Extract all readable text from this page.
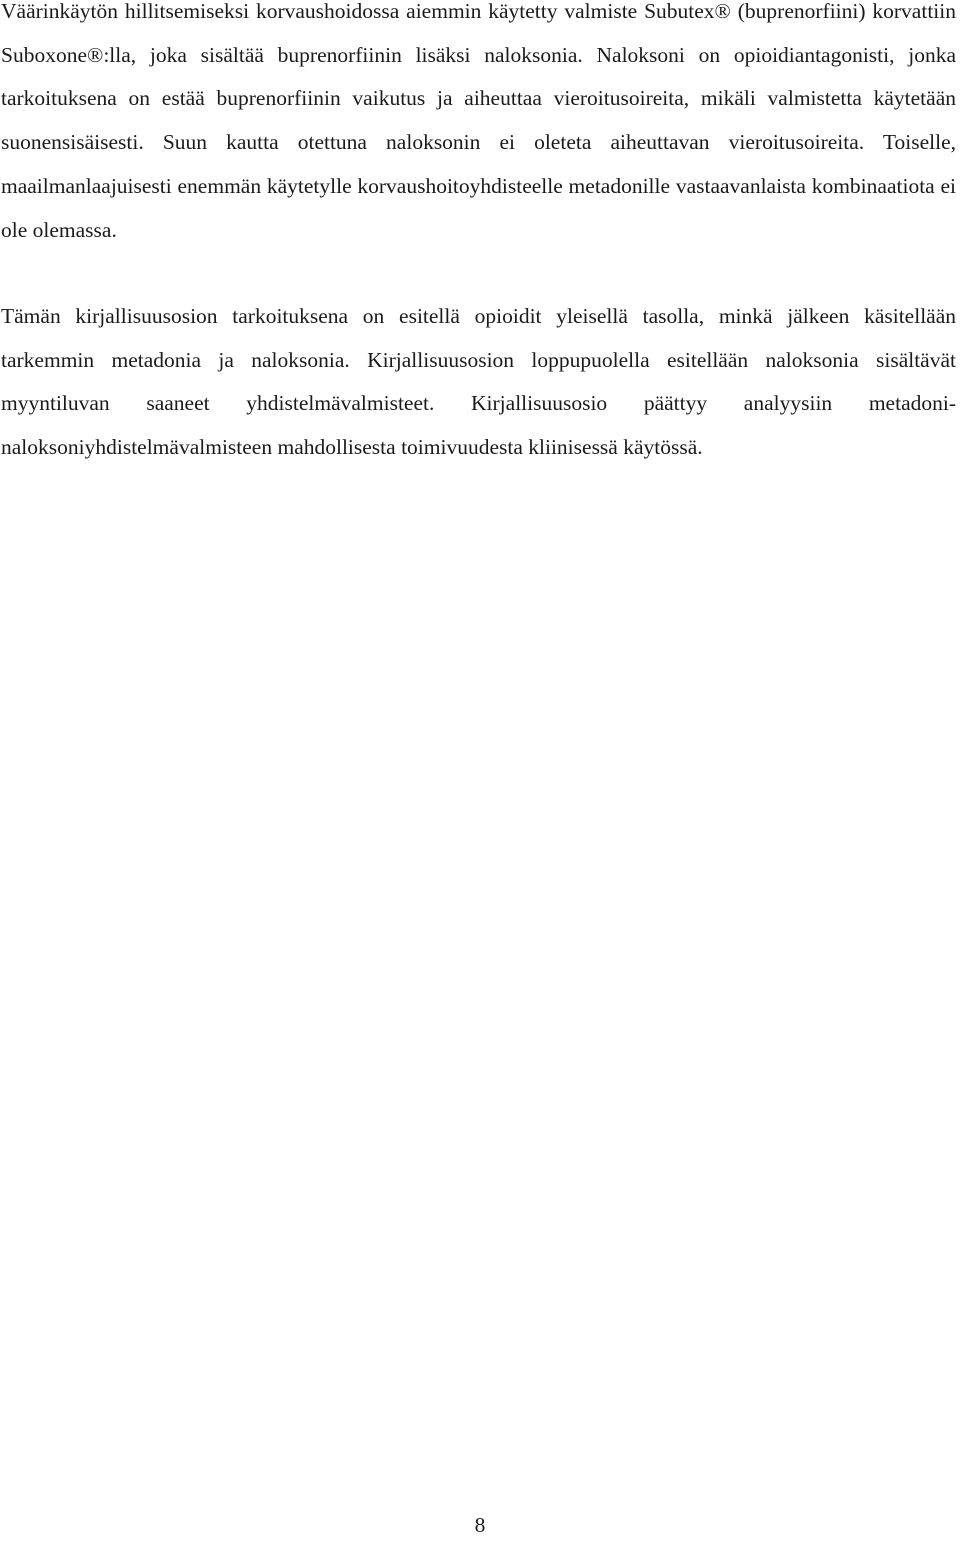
Väärinkäytön hillitsemiseksi korvaushoidossa aiemmin käytetty valmiste Subutex® (buprenorfiini) korvattiin Suboxone®:lla, joka sisältää buprenorfiinin lisäksi naloksonia. Naloksoni on opioidiantagonisti, jonka tarkoituksena on estää buprenorfiinin vaikutus ja aiheuttaa vieroitusoireita, mikäli valmistetta käytetään suonensisäisesti. Suun kautta otettuna naloksonin ei oleteta aiheuttavan vieroitusoireita. Toiselle, maailmanlaajuisesti enemmän käytetylle korvaushoitoyhdisteelle metadonille vastaavanlaista kombinaatiota ei ole olemassa.

Tämän kirjallisuusosion tarkoituksena on esitellä opioidit yleisellä tasolla, minkä jälkeen käsitellään tarkemmin metadonia ja naloksonia. Kirjallisuusosion loppupuolella esitellään naloksonia sisältävät myyntiluvan saaneet yhdistelmävalmisteet. Kirjallisuusosio päättyy analyysiin metadoni-naloksoniyhdistelmävalmisteen mahdollisesta toimivuudesta kliinisessä käytössä.

8
